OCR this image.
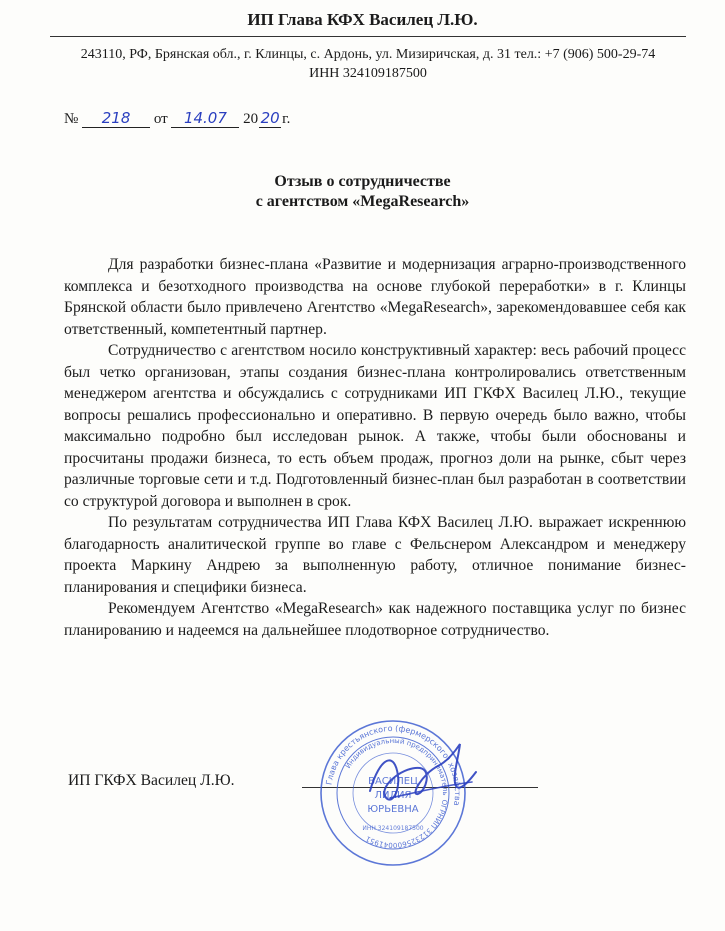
ИП Глава КФХ Василец Л.Ю.
243110, РФ, Брянская обл., г. Клинцы, с. Ардонь, ул. Мизиричская, д. 31 тел.: +7 (906) 500-29-74
ИНН 324109187500
№ 218 от 14.07 20 20 г.
Отзыв о сотрудничестве
с агентством «MegaResearch»

Для разработки бизнес-плана «Развитие и модернизация аграрно-производственного комплекса и безотходного производства на основе глубокой переработки» в г. Клинцы Брянской области было привлечено Агентство «MegaResearch», зарекомендовавшее себя как ответственный, компетентный партнер.

Сотрудничество с агентством носило конструктивный характер: весь рабочий процесс был четко организован, этапы создания бизнес-плана контролировались ответственным менеджером агентства и обсуждались с сотрудниками ИП ГКФХ Василец Л.Ю., текущие вопросы решались профессионально и оперативно. В первую очередь было важно, чтобы максимально подробно был исследован рынок. А также, чтобы были обоснованы и просчитаны продажи бизнеса, то есть объем продаж, прогноз доли на рынке, сбыт через различные торговые сети и т.д. Подготовленный бизнес-план был разработан в соответствии со структурой договора и выполнен в срок.

По результатам сотрудничества ИП Глава КФХ Василец Л.Ю. выражает искреннюю благодарность аналитической группе во главе с Фельснером Александром и менеджеру проекта Маркину Андрею за выполненную работу, отличное понимание бизнес-планирования и специфики бизнеса.

Рекомендуем Агентство «MegaResearch» как надежного поставщика услуг по бизнес планированию и надеемся на дальнейшее плодотворное сотрудничество.

ИП ГКФХ Василец Л.Ю.	Глава крестьянского (фермерского) хозяйства
ОГРНИП 312325600041951
Индивидуальный предприниматель
ВАСИЛЕЦ
ЛИЛИЯ
ЮРЬЕВНА
ИНН 324109187500
